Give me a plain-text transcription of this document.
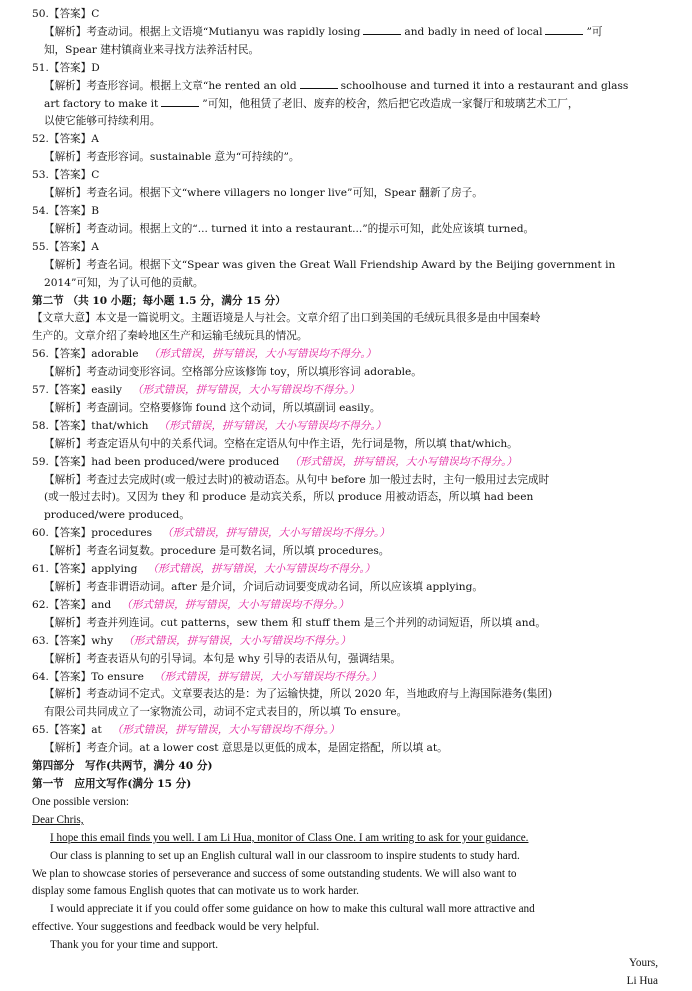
50.【答案】C
【解析】考查动词。根据上文语境“Mutianyu was rapidly losing	and badly in need of local	”可
知，Spear 建村镇商业来寻找方法养活村民。
51.【答案】D
【解析】考查形容词。根据上文章“he rented an old	schoolhouse and turned it into a restaurant and glass
art factory to make it	”可知，他租赁了老旧、废弃的校舍，然后把它改造成一家餐厅和玻璃艺术工厂，
以使它能够可持续利用。
52.【答案】A
【解析】考查形容词。sustainable 意为“可持续的”。
53.【答案】C
【解析】考查名词。根据下文“where villagers no longer live”可知，Spear 翻新了房子。
54.【答案】B
【解析】考查动词。根据上文的“... turned it into a restaurant...”的提示可知，此处应该填 turned。
55.【答案】A
【解析】考查名词。根据下文“Spear was given the Great Wall Friendship Award by the Beijing government in
2014”可知，为了认可他的贡献。
第二节 （共 10 小题；每小题 1.5 分，满分 15 分）
【文章大意】本文是一篇说明文。主题语境是人与社会。文章介绍了出口到美国的毛绒玩具很多是由中国秦岭
生产的。文章介绍了秦岭地区生产和运输毛绒玩具的情况。
56.【答案】adorable （形式错误，拼写错误，大小写错误均不得分。）
【解析】考查动词变形容词。空格部分应该修饰 toy，所以填形容词 adorable。
57.【答案】easily （形式错误，拼写错误，大小写错误均不得分。）
【解析】考查副词。空格要修饰 found 这个动词，所以填副词 easily。
58.【答案】that/which （形式错误，拼写错误，大小写错误均不得分。）
【解析】考查定语从句中的关系代词。空格在定语从句中作主语，先行词是物，所以填 that/which。
59.【答案】had been produced/were produced （形式错误，拼写错误，大小写错误均不得分。）
【解析】考查过去完成时(或一般过去时)的被动语态。从句中 before 加一般过去时，主句一般用过去完成时
(或一般过去时)。又因为 they 和 produce 是动宾关系，所以 produce 用被动语态，所以填 had been
produced/were produced。
60.【答案】procedures （形式错误，拼写错误，大小写错误均不得分。）
【解析】考查名词复数。procedure 是可数名词，所以填 procedures。
61.【答案】applying （形式错误，拼写错误，大小写错误均不得分。）
【解析】考查非谓语动词。after 是介词，介词后动词要变成动名词，所以应该填 applying。
62.【答案】and （形式错误，拼写错误，大小写错误均不得分。）
【解析】考查并列连词。cut patterns，sew them 和 stuff them 是三个并列的动词短语，所以填 and。
63.【答案】why （形式错误，拼写错误，大小写错误均不得分。）
【解析】考查表语从句的引导词。本句是 why 引导的表语从句，强调结果。
64.【答案】To ensure （形式错误，拼写错误，大小写错误均不得分。）
【解析】考查动词不定式。文章要表达的是：为了运输快捷，所以 2020 年，当地政府与上海国际港务(集团)
有限公司共同成立了一家物流公司，动词不定式表目的，所以填 To ensure。
65.【答案】at （形式错误，拼写错误，大小写错误均不得分。）
【解析】考查介词。at a lower cost 意思是以更低的成本，是固定搭配，所以填 at。
第四部分　写作(共两节，满分 40 分)
第一节　应用文写作(满分 15 分)
One possible version:
Dear Chris,
I hope this email finds you well. I am Li Hua, monitor of Class One. I am writing to ask for your guidance.
Our class is planning to set up an English cultural wall in our classroom to inspire students to study hard.
We plan to showcase stories of perseverance and success of some outstanding students. We will also want to
display some famous English quotes that can motivate us to work harder.
I would appreciate it if you could offer some guidance on how to make this cultural wall more attractive and
effective. Your suggestions and feedback would be very helpful.
Thank you for your time and support.
Yours,
Li Hua
